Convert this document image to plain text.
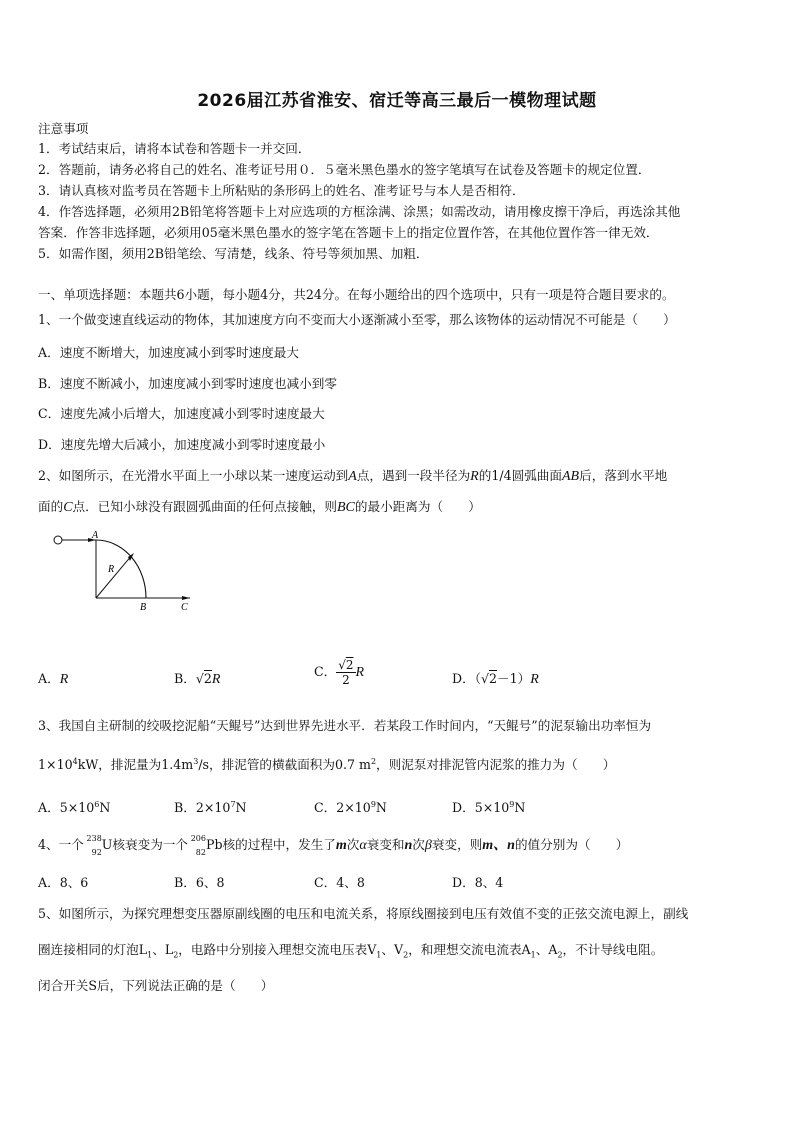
2026届江苏省淮安、宿迁等高三最后一模物理试题
注意事项
1．考试结束后，请将本试卷和答题卡一并交回．
2．答题前，请务必将自己的姓名、准考证号用０．５毫米黑色墨水的签字笔填写在试卷及答题卡的规定位置．
3．请认真核对监考员在答题卡上所粘贴的条形码上的姓名、准考证号与本人是否相符．
4．作答选择题，必须用2B铅笔将答题卡上对应选项的方框涂满、涂黑；如需改动，请用橡皮擦干净后，再选涂其他
答案．作答非选择题，必须用05毫米黑色墨水的签字笔在答题卡上的指定位置作答，在其他位置作答一律无效．
5．如需作图，须用2B铅笔绘、写清楚，线条、符号等须加黑、加粗．
一、单项选择题：本题共6小题，每小题4分，共24分。在每小题给出的四个选项中，只有一项是符合题目要求的。
1、一个做变速直线运动的物体，其加速度方向不变而大小逐渐减小至零，那么该物体的运动情况不可能是（　　）
A．速度不断增大，加速度减小到零时速度最大
B．速度不断减小，加速度减小到零时速度也减小到零
C．速度先减小后增大，加速度减小到零时速度最大
D．速度先增大后减小，加速度减小到零时速度最小
2、如图所示，在光滑水平面上一小球以某一速度运动到A点，遇到一段半径为R的1/4圆弧曲面AB后，落到水平地
面的C点．已知小球没有跟圆弧曲面的任何点接触，则BC的最小距离为（　　）
A
R
B	C
A．R	B．√2R
C． $\frac{√2}{2}$ R	D．（√2－1）R
3、我国自主研制的绞吸挖泥船“天鲲号”达到世界先进水平．若某段工作时间内，“天鲲号”的泥泵输出功率恒为
$1\times 10^4kW$，排泥量为$1.4m^3/s$，排泥管的横截面积为0.7 $m^2$，则泥泵对排泥管内泥浆的推力为（　　）
A．$5\times 10^6N$	B．$2\times 10^7N$	C．$2\times 10^9N$	D．$5\times 10^9N$
4、一个 238
92 U核衰变为一个 206
82 Pb核的过程中，发生了m次α衰变和n次β衰变，则m、n的值分别为（　　）
A．8、6	B．6、8	C．4、8	D．8、4
5、如图所示，为探究理想变压器原副线圈的电压和电流关系，将原线圈接到电压有效值不变的正弦交流电源上，副线
圈连接相同的灯泡$L_1$、$L_2$，电路中分别接入理想交流电压表$V_1$、$V_2$，和理想交流电流表$A_1$、$A_2$，不计导线电阻。
闭合开关S后，下列说法正确的是（　　）
